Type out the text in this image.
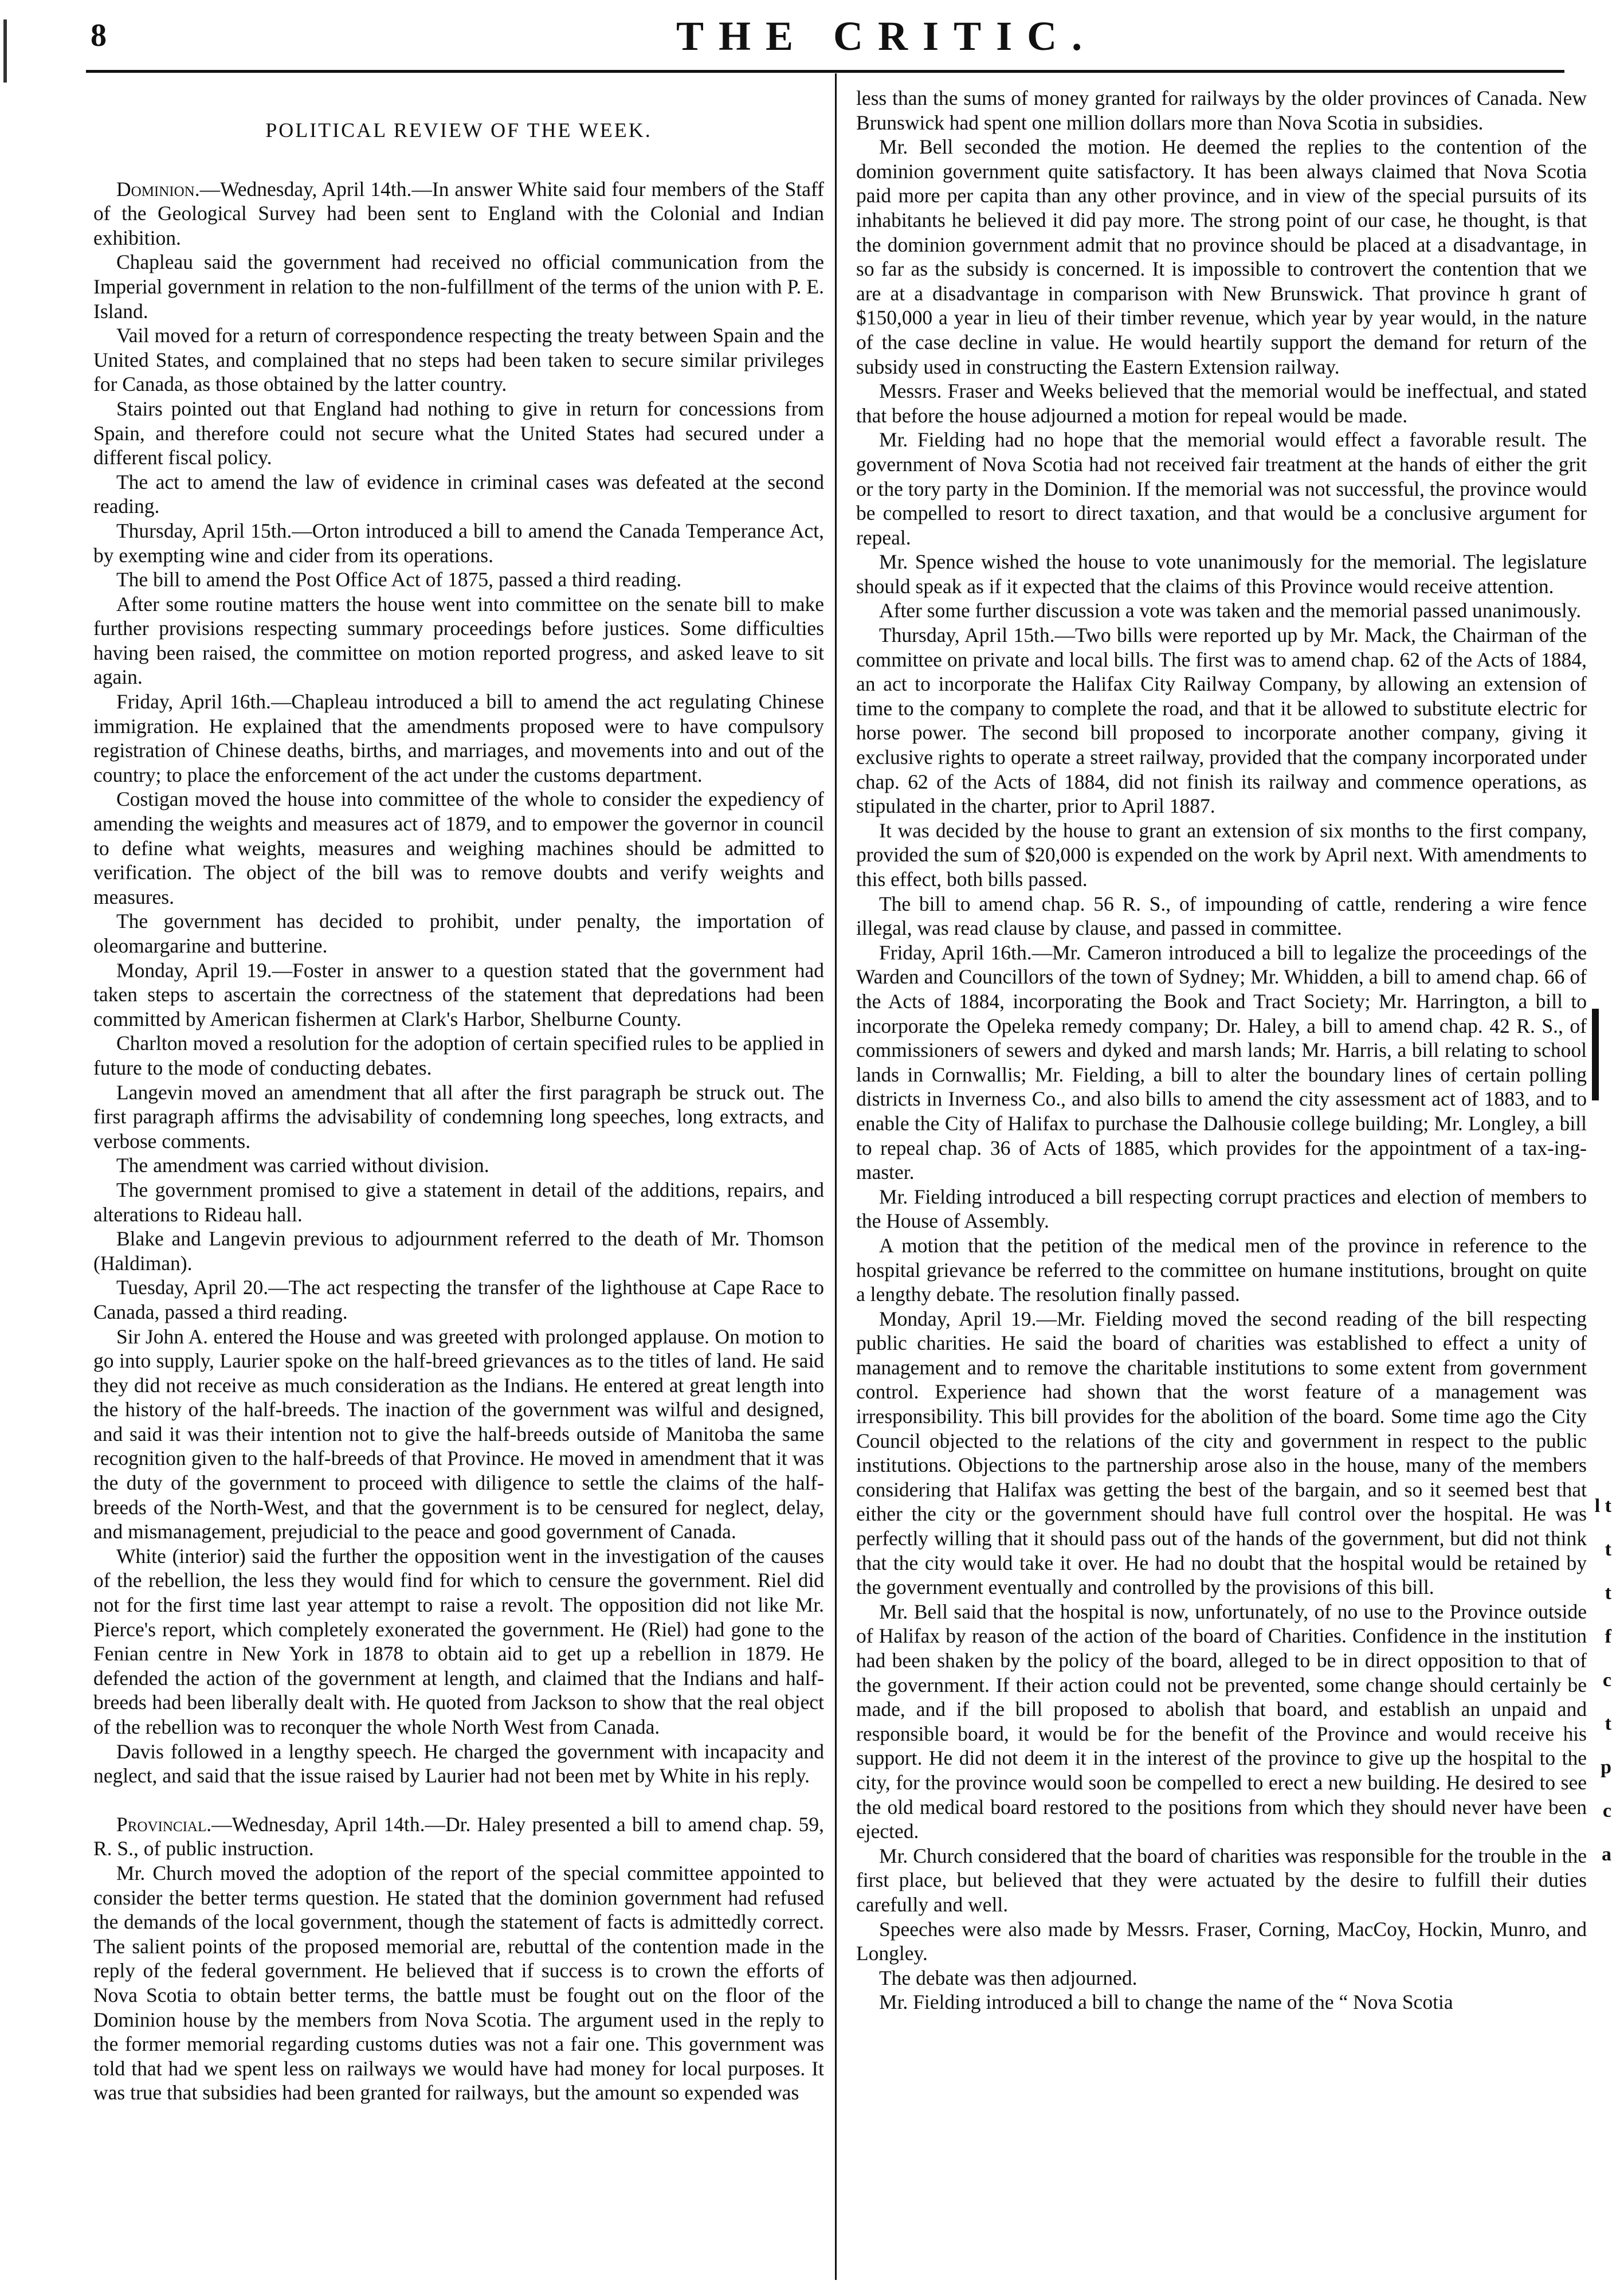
8	THE CRITIC.
POLITICAL REVIEW OF THE WEEK.

Dominion.—Wednesday, April 14th.—In answer White said four members of the Staff of the Geological Survey had been sent to England with the Colonial and Indian exhibition.

Chapleau said the government had received no official communication from the Imperial government in relation to the non-fulfillment of the terms of the union with P. E. Island.

Vail moved for a return of correspondence respecting the treaty between Spain and the United States, and complained that no steps had been taken to secure similar privileges for Canada, as those obtained by the latter country.

Stairs pointed out that England had nothing to give in return for concessions from Spain, and therefore could not secure what the United States had secured under a different fiscal policy.

The act to amend the law of evidence in criminal cases was defeated at the second reading.

Thursday, April 15th.—Orton introduced a bill to amend the Canada Temperance Act, by exempting wine and cider from its operations.

The bill to amend the Post Office Act of 1875, passed a third reading.

After some routine matters the house went into committee on the senate bill to make further provisions respecting summary proceedings before justices. Some difficulties having been raised, the committee on motion reported progress, and asked leave to sit again.

Friday, April 16th.—Chapleau introduced a bill to amend the act regulating Chinese immigration. He explained that the amendments proposed were to have compulsory registration of Chinese deaths, births, and marriages, and movements into and out of the country; to place the enforcement of the act under the customs department.

Costigan moved the house into committee of the whole to consider the expediency of amending the weights and measures act of 1879, and to empower the governor in council to define what weights, measures and weighing machines should be admitted to verification. The object of the bill was to remove doubts and verify weights and measures.

The government has decided to prohibit, under penalty, the importation of oleomargarine and butterine.

Monday, April 19.—Foster in answer to a question stated that the government had taken steps to ascertain the correctness of the statement that depredations had been committed by American fishermen at Clark's Harbor, Shelburne County.

Charlton moved a resolution for the adoption of certain specified rules to be applied in future to the mode of conducting debates.

Langevin moved an amendment that all after the first paragraph be struck out. The first paragraph affirms the advisability of condemning long speeches, long extracts, and verbose comments.

The amendment was carried without division.

The government promised to give a statement in detail of the additions, repairs, and alterations to Rideau hall.

Blake and Langevin previous to adjournment referred to the death of Mr. Thomson (Haldiman).

Tuesday, April 20.—The act respecting the transfer of the lighthouse at Cape Race to Canada, passed a third reading.

Sir John A. entered the House and was greeted with prolonged applause. On motion to go into supply, Laurier spoke on the half-breed grievances as to the titles of land. He said they did not receive as much consideration as the Indians. He entered at great length into the history of the half-breeds. The inaction of the government was wilful and designed, and said it was their intention not to give the half-breeds outside of Manitoba the same recognition given to the half-breeds of that Province. He moved in amendment that it was the duty of the government to proceed with diligence to settle the claims of the half-breeds of the North-West, and that the government is to be censured for neglect, delay, and mismanagement, prejudicial to the peace and good government of Canada.

White (interior) said the further the opposition went in the investigation of the causes of the rebellion, the less they would find for which to censure the government. Riel did not for the first time last year attempt to raise a revolt. The opposition did not like Mr. Pierce's report, which completely exonerated the government. He (Riel) had gone to the Fenian centre in New York in 1878 to obtain aid to get up a rebellion in 1879. He defended the action of the government at length, and claimed that the Indians and half-breeds had been liberally dealt with. He quoted from Jackson to show that the real object of the rebellion was to reconquer the whole North West from Canada.

Davis followed in a lengthy speech. He charged the government with incapacity and neglect, and said that the issue raised by Laurier had not been met by White in his reply.

Provincial.—Wednesday, April 14th.—Dr. Haley presented a bill to amend chap. 59, R. S., of public instruction.

Mr. Church moved the adoption of the report of the special committee appointed to consider the better terms question. He stated that the dominion government had refused the demands of the local government, though the statement of facts is admittedly correct. The salient points of the proposed memorial are, rebuttal of the contention made in the reply of the federal government. He believed that if success is to crown the efforts of Nova Scotia to obtain better terms, the battle must be fought out on the floor of the Dominion house by the members from Nova Scotia. The argument used in the reply to the former memorial regarding customs duties was not a fair one. This government was told that had we spent less on railways we would have had money for local purposes. It was true that subsidies had been granted for railways, but the amount so expended was

less than the sums of money granted for railways by the older provinces of Canada. New Brunswick had spent one million dollars more than Nova Scotia in subsidies.

Mr. Bell seconded the motion. He deemed the replies to the contention of the dominion government quite satisfactory. It has been always claimed that Nova Scotia paid more per capita than any other province, and in view of the special pursuits of its inhabitants he believed it did pay more. The strong point of our case, he thought, is that the dominion government admit that no province should be placed at a disadvantage, in so far as the subsidy is concerned. It is impossible to controvert the contention that we are at a disadvantage in comparison with New Brunswick. That province h grant of $150,000 a year in lieu of their timber revenue, which year by year would, in the nature of the case decline in value. He would heartily support the demand for return of the subsidy used in constructing the Eastern Extension railway.

Messrs. Fraser and Weeks believed that the memorial would be ineffectual, and stated that before the house adjourned a motion for repeal would be made.

Mr. Fielding had no hope that the memorial would effect a favorable result. The government of Nova Scotia had not received fair treatment at the hands of either the grit or the tory party in the Dominion. If the memorial was not successful, the province would be compelled to resort to direct taxation, and that would be a conclusive argument for repeal.

Mr. Spence wished the house to vote unanimously for the memorial. The legislature should speak as if it expected that the claims of this Province would receive attention.

After some further discussion a vote was taken and the memorial passed unanimously.

Thursday, April 15th.—Two bills were reported up by Mr. Mack, the Chairman of the committee on private and local bills. The first was to amend chap. 62 of the Acts of 1884, an act to incorporate the Halifax City Railway Company, by allowing an extension of time to the company to complete the road, and that it be allowed to substitute electric for horse power. The second bill proposed to incorporate another company, giving it exclusive rights to operate a street railway, provided that the company incorporated under chap. 62 of the Acts of 1884, did not finish its railway and commence operations, as stipulated in the charter, prior to April 1887.

It was decided by the house to grant an extension of six months to the first company, provided the sum of $20,000 is expended on the work by April next. With amendments to this effect, both bills passed.

The bill to amend chap. 56 R. S., of impounding of cattle, rendering a wire fence illegal, was read clause by clause, and passed in committee.

Friday, April 16th.—Mr. Cameron introduced a bill to legalize the proceedings of the Warden and Councillors of the town of Sydney; Mr. Whidden, a bill to amend chap. 66 of the Acts of 1884, incorporating the Book and Tract Society; Mr. Harrington, a bill to incorporate the Opeleka remedy company; Dr. Haley, a bill to amend chap. 42 R. S., of commissioners of sewers and dyked and marsh lands; Mr. Harris, a bill relating to school lands in Cornwallis; Mr. Fielding, a bill to alter the boundary lines of certain polling districts in Inverness Co., and also bills to amend the city assessment act of 1883, and to enable the City of Halifax to purchase the Dalhousie college building; Mr. Longley, a bill to repeal chap. 36 of Acts of 1885, which provides for the appointment of a tax-ing-master.

Mr. Fielding introduced a bill respecting corrupt practices and election of members to the House of Assembly.

A motion that the petition of the medical men of the province in reference to the hospital grievance be referred to the committee on humane institutions, brought on quite a lengthy debate. The resolution finally passed.

Monday, April 19.—Mr. Fielding moved the second reading of the bill respecting public charities. He said the board of charities was established to effect a unity of management and to remove the charitable institutions to some extent from government control. Experience had shown that the worst feature of a management was irresponsibility. This bill provides for the abolition of the board. Some time ago the City Council objected to the relations of the city and government in respect to the public institutions. Objections to the partnership arose also in the house, many of the members considering that Halifax was getting the best of the bargain, and so it seemed best that either the city or the government should have full control over the hospital. He was perfectly willing that it should pass out of the hands of the government, but did not think that the city would take it over. He had no doubt that the hospital would be retained by the government eventually and controlled by the provisions of this bill.

Mr. Bell said that the hospital is now, unfortunately, of no use to the Province outside of Halifax by reason of the action of the board of Charities. Confidence in the institution had been shaken by the policy of the board, alleged to be in direct opposition to that of the government. If their action could not be prevented, some change should certainly be made, and if the bill proposed to abolish that board, and establish an unpaid and responsible board, it would be for the benefit of the Province and would receive his support. He did not deem it in the interest of the province to give up the hospital to the city, for the province would soon be compelled to erect a new building. He desired to see the old medical board restored to the positions from which they should never have been ejected.

Mr. Church considered that the board of charities was responsible for the trouble in the first place, but believed that they were actuated by the desire to fulfill their duties carefully and well.

Speeches were also made by Messrs. Fraser, Corning, MacCoy, Hockin, Munro, and Longley.

The debate was then adjourned.

Mr. Fielding introduced a bill to change the name of the “ Nova Scotia

l t t t f c t p c a
